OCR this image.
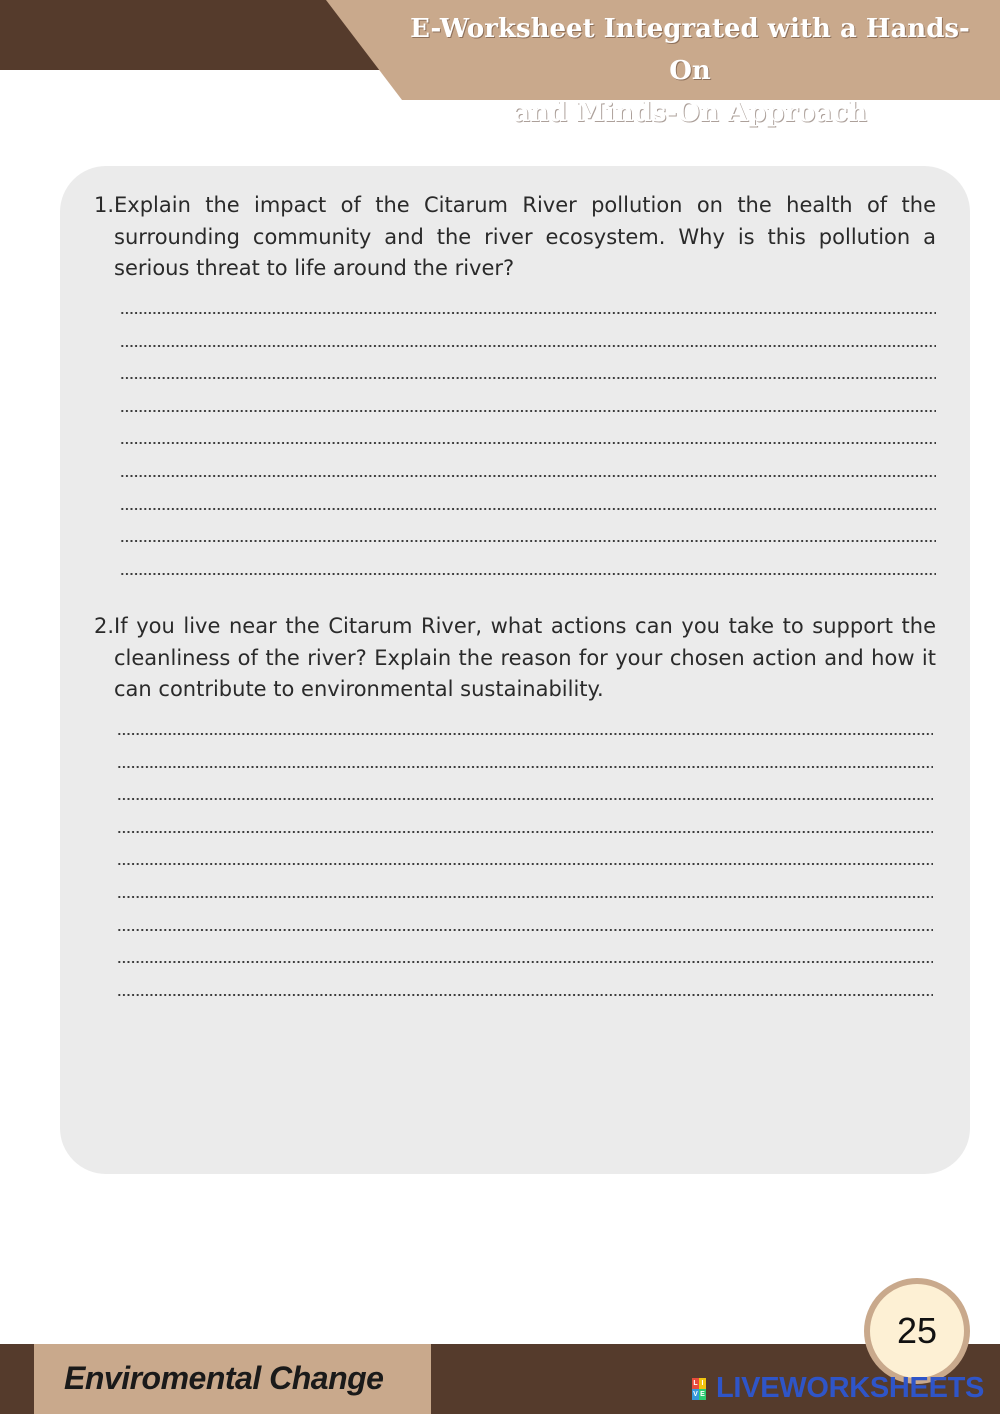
E-Worksheet Integrated with a Hands-On
and Minds-On Approach
1. Explain the impact of the Citarum River pollution on the health of the surrounding community and the river ecosystem. Why is this pollution a serious threat to life around the river?
2. If you live near the Citarum River, what actions can you take to support the cleanliness of the river? Explain the reason for your chosen action and how it can contribute to environmental sustainability.
Enviromental Change
25
L I
V E LIVEWORKSHEETS
